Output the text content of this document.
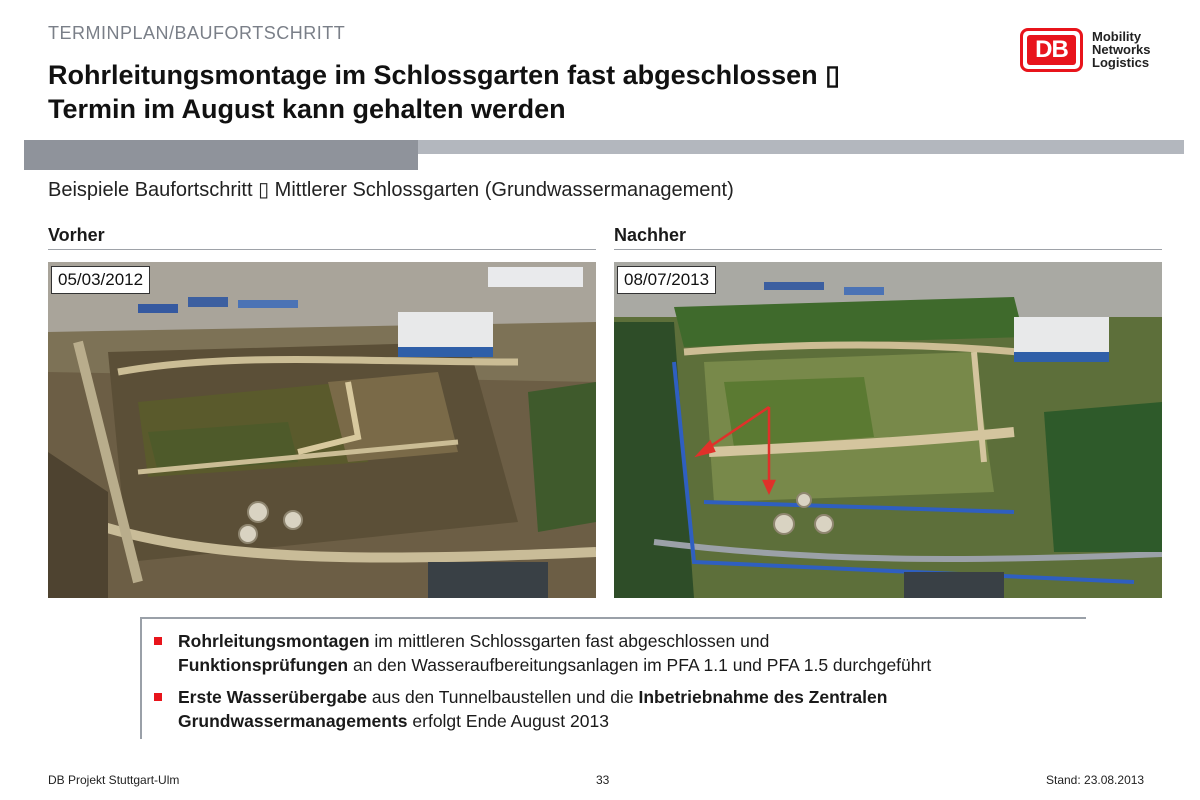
TERMINPLAN/BAUFORTSCHRITT
Rohrleitungsmontage im Schlossgarten fast abgeschlossen ▯
Termin im August kann gehalten werden
DB	Mobility
Networks
Logistics
Beispiele Baufortschritt ▯ Mittlerer Schlossgarten (Grundwassermanagement)
Vorher	Nachher
05/03/2012	08/07/2013
Rohrleitungsmontagen im mittleren Schlossgarten fast abgeschlossen und
Funktionsprüfungen an den Wasseraufbereitungsanlagen im PFA 1.1 und PFA 1.5 durchgeführt
Erste Wasserübergabe aus den Tunnelbaustellen und die Inbetriebnahme des Zentralen
Grundwassermanagements erfolgt Ende August 2013
DB Projekt Stuttgart-Ulm	33	Stand: 23.08.2013
